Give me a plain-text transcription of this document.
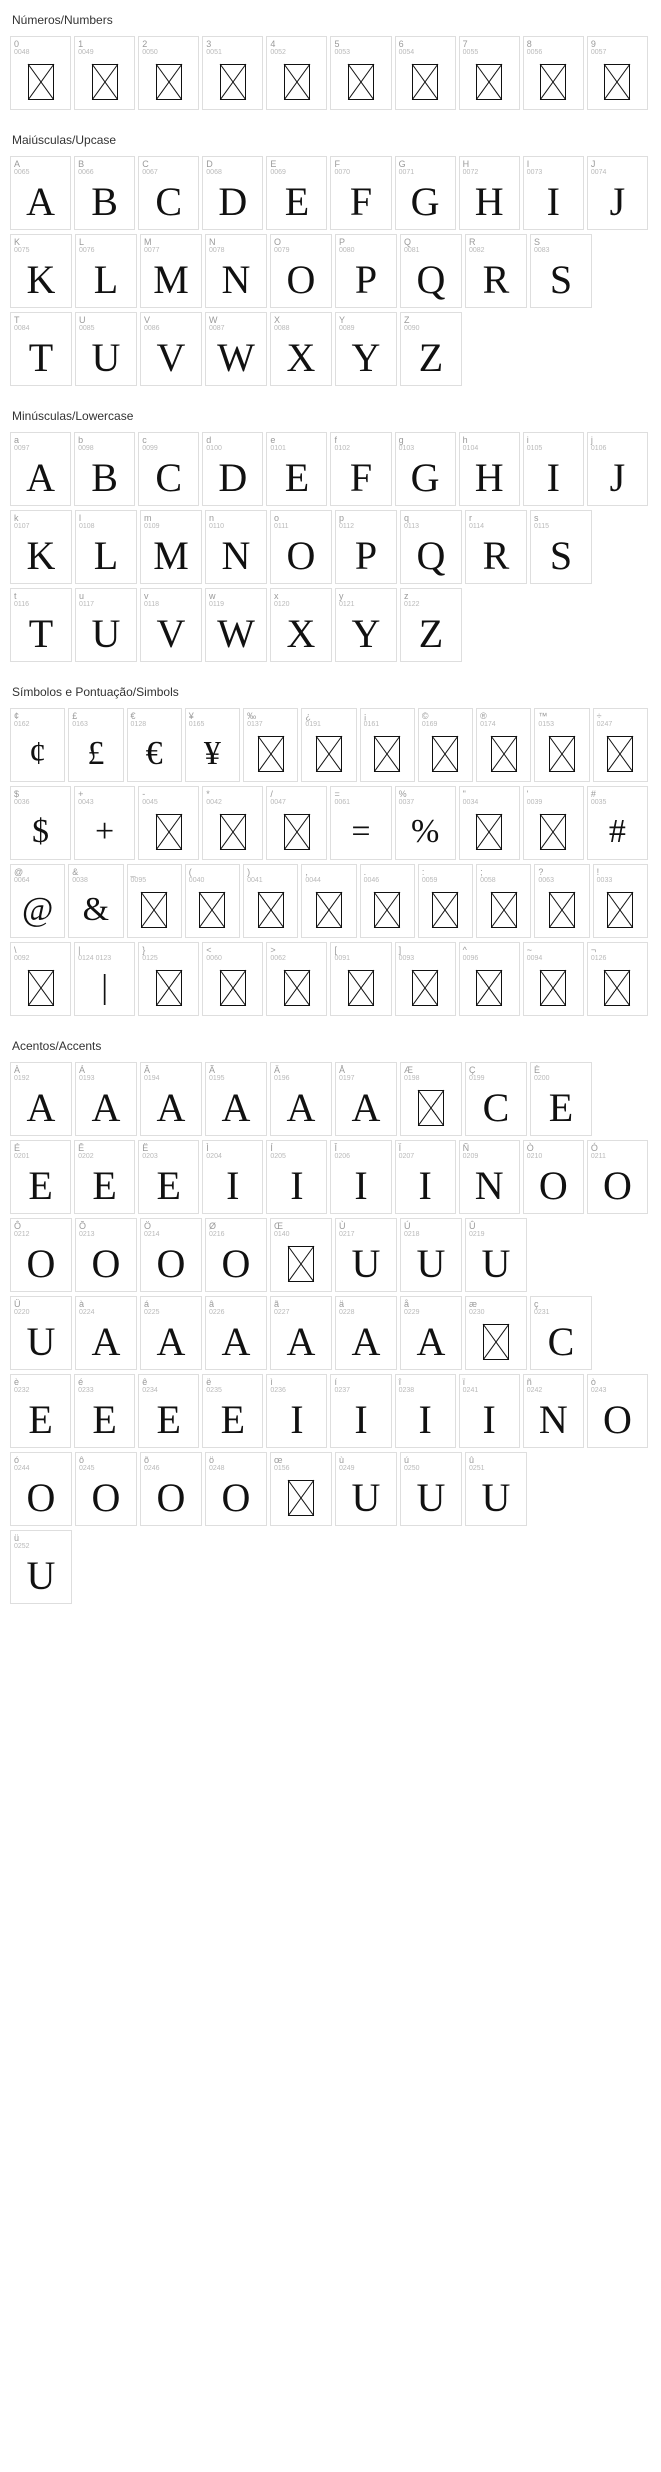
Números/Numbers
0
0048
1
0049
2
0050
3
0051
4
0052
5
0053
6
0054
7
0055
8
0056
9
0057
Maiúsculas/Upcase
A
0065
A
B
0066
B
C
0067
C
D
0068
D
E
0069
E
F
0070
F
G
0071
G
H
0072
H
I
0073
I
J
0074
J
K
0075
K
L
0076
L
M
0077
M
N
0078
N
O
0079
O
P
0080
P
Q
0081
Q
R
0082
R
S
0083
S
T
0084
T
U
0085
U
V
0086
V
W
0087
W
X
0088
X
Y
0089
Y
Z
0090
Z
Minúsculas/Lowercase
a
0097
A
b
0098
B
c
0099
C
d
0100
D
e
0101
E
f
0102
F
g
0103
G
h
0104
H
i
0105
I
j
0106
J
k
0107
K
l
0108
L
m
0109
M
n
0110
N
o
0111
O
p
0112
P
q
0113
Q
r
0114
R
s
0115
S
t
0116
T
u
0117
U
v
0118
V
w
0119
W
x
0120
X
y
0121
Y
z
0122
Z
Símbolos e Pontuação/Simbols
¢
0162
¢
£
0163
£
€
0128
€
¥
0165
¥
‰
0137
¿
0191
¡
0161
©
0169
®
0174
™
0153
÷
0247
$
0036
$
+
0043
+
-
0045
*
0042
/
0047
=
0061
=
%
0037
%
"
0034
'
0039
#
0035
#
@
0064
@
&
0038
&
_
0095
(
0040
)
0041
,
0044
.
0046
:
0059
;
0058
?
0063
!
0033
\
0092
|
0124 0123
|
}
0125
<
0060
>
0062
[
0091
]
0093
^
0096
~
0094
¬
0126
Acentos/Accents
À
0192
A
Á
0193
A
Â
0194
A
Ã
0195
A
Ä
0196
A
Å
0197
A
Æ
0198
Ç
0199
C
È
0200
E
É
0201
E
Ê
0202
E
Ë
0203
E
Ì
0204
I
Í
0205
I
Î
0206
I
Ï
0207
I
Ñ
0209
N
Ò
0210
O
Ó
0211
O
Ô
0212
O
Õ
0213
O
Ö
0214
O
Ø
0216
O
Œ
0140
Ù
0217
U
Ú
0218
U
Û
0219
U
Ü
0220
U
à
0224
A
á
0225
A
â
0226
A
ã
0227
A
ä
0228
A
å
0229
A
æ
0230
ç
0231
C
è
0232
E
é
0233
E
ê
0234
E
ë
0235
E
ì
0236
I
í
0237
I
î
0238
I
ï
0241
I
ñ
0242
N
ò
0243
O
ó
0244
O
ô
0245
O
õ
0246
O
ö
0248
O
œ
0156
ù
0249
U
ú
0250
U
û
0251
U
ü
0252
U
